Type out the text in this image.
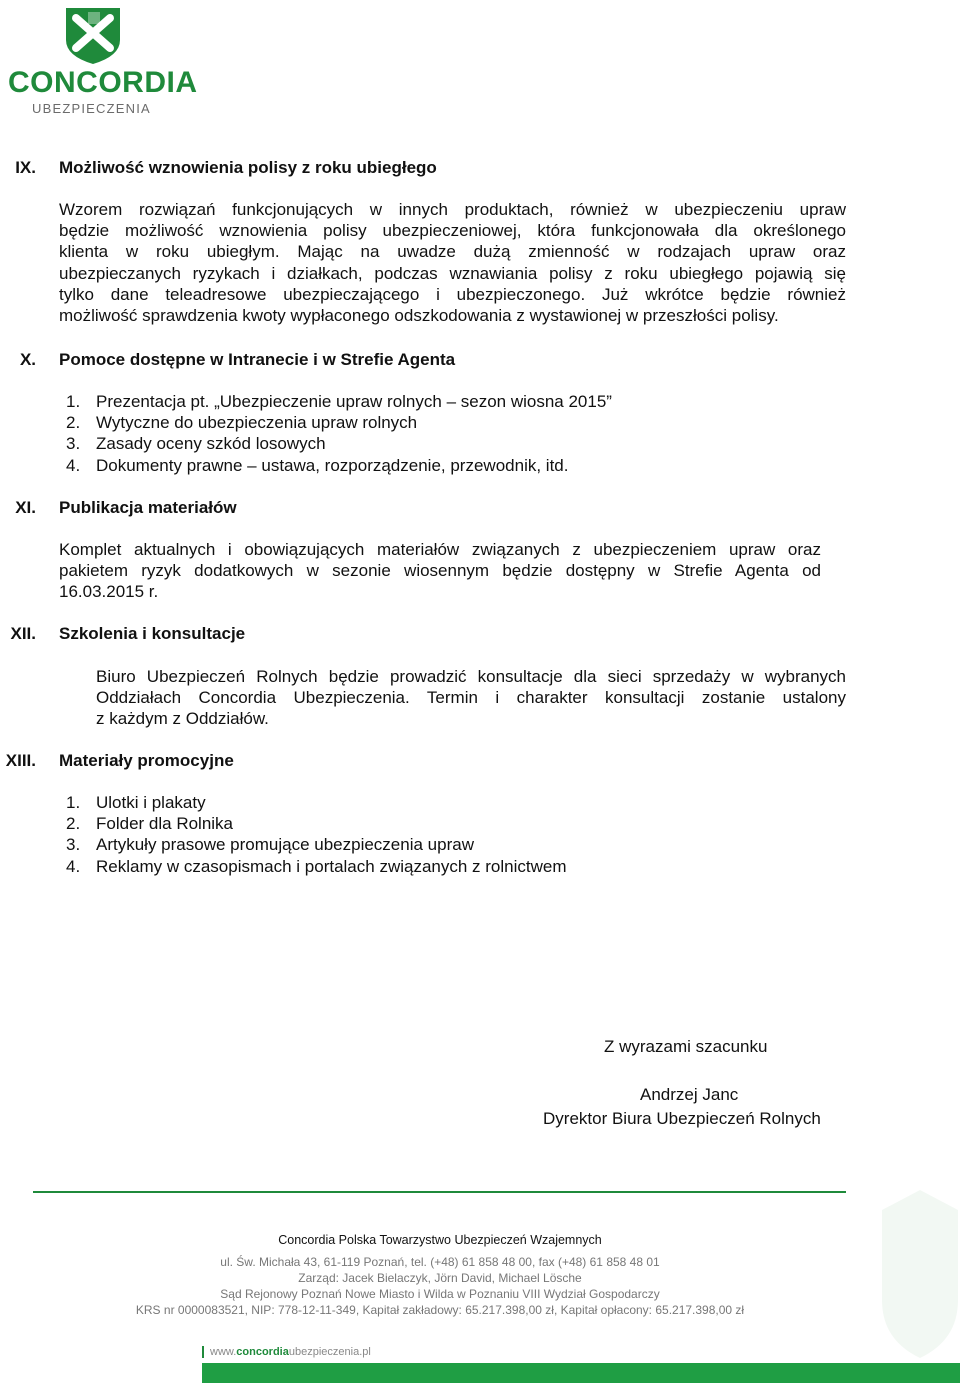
CONCORDIA
UBEZPIECZENIA
IX. Możliwość wznowienia polisy z roku ubiegłego
Wzorem rozwiązań funkcjonujących w innych produktach, również w ubezpieczeniu upraw
będzie możliwość wznowienia polisy ubezpieczeniowej, która funkcjonowała dla określonego
klienta w roku ubiegłym. Mając na uwadze dużą zmienność w rodzajach upraw oraz
ubezpieczanych ryzykach i działkach, podczas wznawiania polisy z roku ubiegłego pojawią się
tylko dane teleadresowe ubezpieczającego i ubezpieczonego. Już wkrótce będzie również
możliwość sprawdzenia kwoty wypłaconego odszkodowania z wystawionej w przeszłości polisy.
X. Pomoce dostępne w Intranecie i w Strefie Agenta
1. Prezentacja pt. „Ubezpieczenie upraw rolnych – sezon wiosna 2015”
2. Wytyczne do ubezpieczenia upraw rolnych
3. Zasady oceny szkód losowych
4. Dokumenty prawne – ustawa, rozporządzenie, przewodnik, itd.
XI. Publikacja materiałów
Komplet aktualnych i obowiązujących materiałów związanych z ubezpieczeniem upraw oraz
pakietem ryzyk dodatkowych w sezonie wiosennym będzie dostępny w Strefie Agenta od
16.03.2015 r.
XII. Szkolenia i konsultacje
Biuro Ubezpieczeń Rolnych będzie prowadzić konsultacje dla sieci sprzedaży w wybranych
Oddziałach Concordia Ubezpieczenia. Termin i charakter konsultacji zostanie ustalony
z każdym z Oddziałów.
XIII. Materiały promocyjne
1. Ulotki i plakaty
2. Folder dla Rolnika
3. Artykuły prasowe promujące ubezpieczenia upraw
4. Reklamy w czasopismach i portalach związanych z rolnictwem
Z wyrazami szacunku
Andrzej Janc
Dyrektor Biura Ubezpieczeń Rolnych
Concordia Polska Towarzystwo Ubezpieczeń Wzajemnych
ul. Św. Michała 43, 61-119 Poznań, tel. (+48) 61 858 48 00, fax (+48) 61 858 48 01
Zarząd: Jacek Bielaczyk, Jörn David, Michael Lösche
Sąd Rejonowy Poznań Nowe Miasto i Wilda w Poznaniu VIII Wydział Gospodarczy
KRS nr 0000083521, NIP: 778-12-11-349, Kapitał zakładowy: 65.217.398,00 zł, Kapitał opłacony: 65.217.398,00 zł
www.concordiaubezpieczenia.pl
